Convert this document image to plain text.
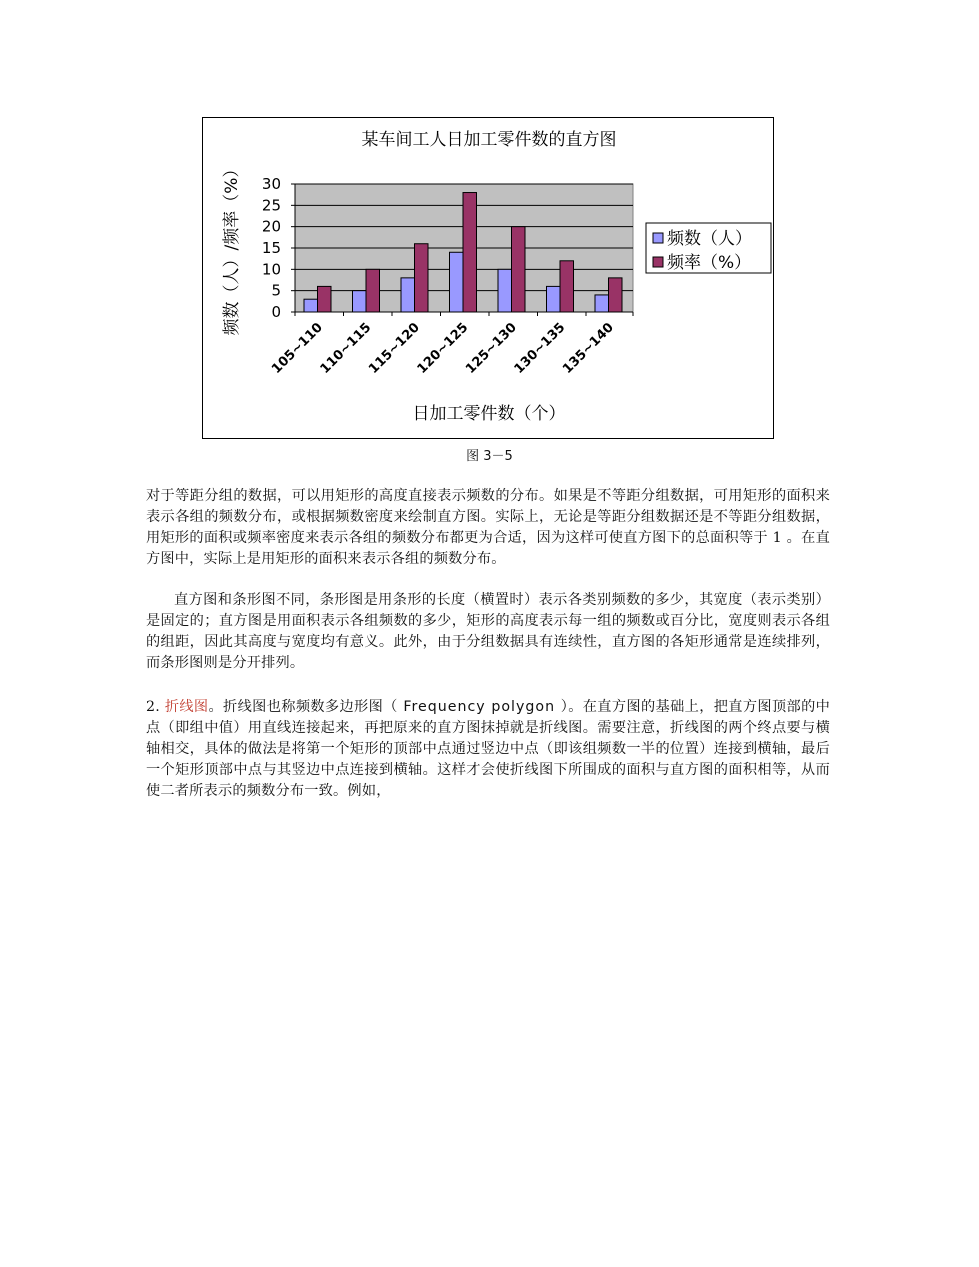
某车间工人日加工零件数的直方图
0
5
10
15
20
25
30
105~110
110~115
115~120
120~125
125~130
130~135
135~140
日加工零件数（个）
频数（人）/频率（%）	频数（人）
频率（%）
图 3－5
对于等距分组的数据，可以用矩形的高度直接表示频数的分布。如果是不等距分组数据，可用矩形的面积来表示各组的频数分布，或根据频数密度来绘制直方图。实际上，无论是等距分组数据还是不等距分组数据，用矩形的面积或频率密度来表示各组的频数分布都更为合适，因为这样可使直方图下的总面积等于 1 。在直方图中，实际上是用矩形的面积来表示各组的频数分布。
直方图和条形图不同，条形图是用条形的长度（横置时）表示各类别频数的多少，其宽度（表示类别）是固定的；直方图是用面积表示各组频数的多少，矩形的高度表示每一组的频数或百分比，宽度则表示各组的组距，因此其高度与宽度均有意义。此外，由于分组数据具有连续性，直方图的各矩形通常是连续排列，而条形图则是分开排列。
2. 折线图。折线图也称频数多边形图（ Frequency polygon ）。在直方图的基础上，把直方图顶部的中点（即组中值）用直线连接起来，再把原来的直方图抹掉就是折线图。需要注意，折线图的两个终点要与横轴相交，具体的做法是将第一个矩形的顶部中点通过竖边中点（即该组频数一半的位置）连接到横轴，最后一个矩形顶部中点与其竖边中点连接到横轴。这样才会使折线图下所围成的面积与直方图的面积相等，从而使二者所表示的频数分布一致。例如，
